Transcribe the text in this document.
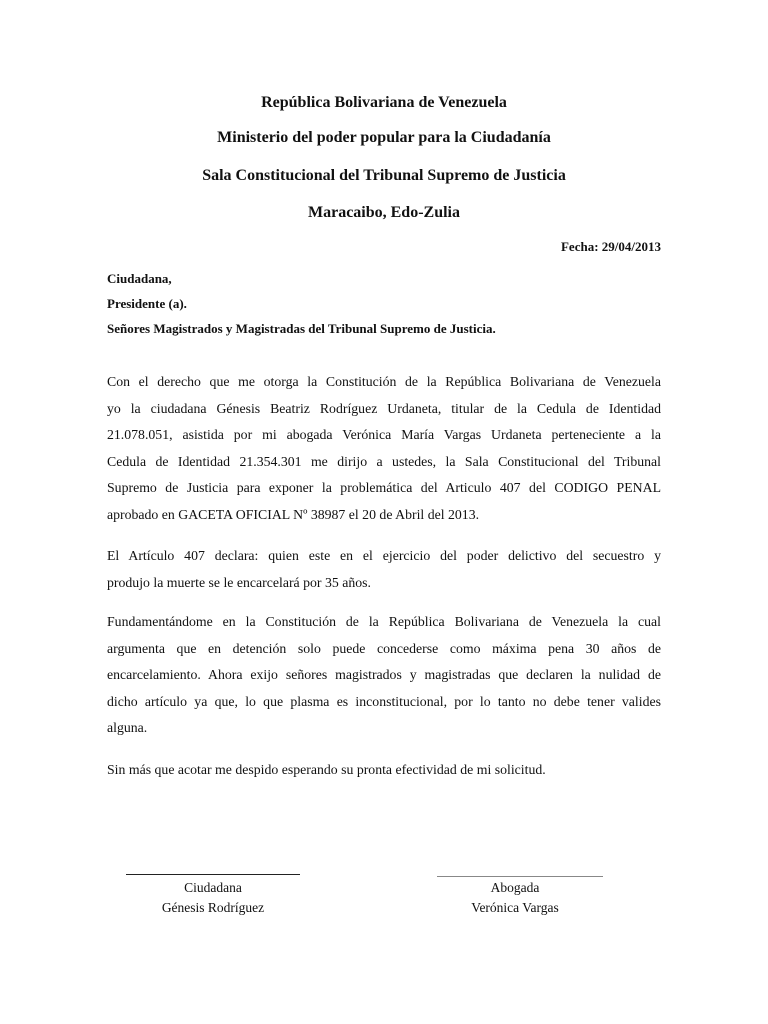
República Bolivariana de Venezuela
Ministerio del poder popular para la Ciudadanía
Sala Constitucional del Tribunal Supremo de Justicia
Maracaibo, Edo-Zulia
Fecha: 29/04/2013
Ciudadana,
Presidente (a).
Señores Magistrados y Magistradas del Tribunal Supremo de Justicia.
Con el derecho que me otorga la Constitución de la República Bolivariana de Venezuela
yo la ciudadana Génesis Beatriz Rodríguez Urdaneta, titular de la Cedula de Identidad
21.078.051, asistida por mi abogada Verónica María Vargas Urdaneta perteneciente a la
Cedula de Identidad 21.354.301 me dirijo a ustedes, la Sala Constitucional del Tribunal
Supremo de Justicia para exponer la problemática del Articulo 407 del CODIGO PENAL
aprobado en GACETA OFICIAL Nº 38987 el 20 de Abril del 2013.
El Artículo 407 declara: quien este en el ejercicio del poder delictivo del secuestro y
produjo la muerte se le encarcelará por 35 años.
Fundamentándome en la Constitución de la República Bolivariana de Venezuela la cual
argumenta que en detención solo puede concederse como máxima pena 30 años de
encarcelamiento. Ahora exijo señores magistrados y magistradas que declaren la nulidad de
dicho artículo ya que, lo que plasma es inconstitucional, por lo tanto no debe tener valides
alguna.
Sin más que acotar me despido esperando su pronta efectividad de mi solicitud.
Ciudadana
Génesis Rodríguez
Abogada
Verónica Vargas
